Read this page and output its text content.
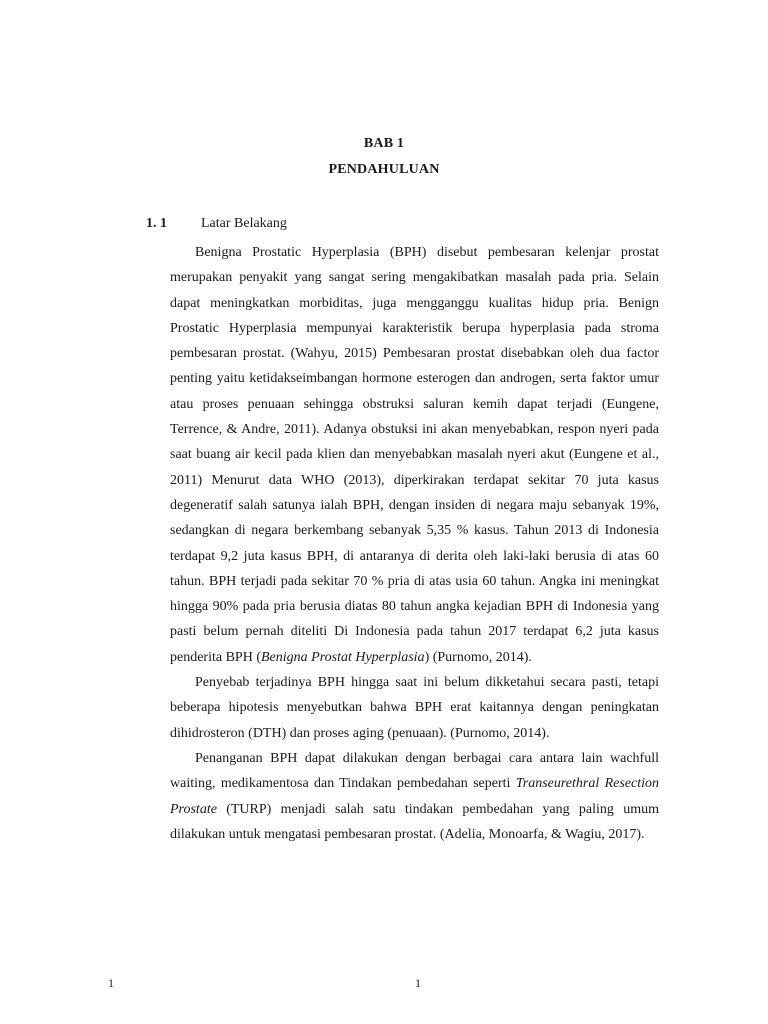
BAB 1
PENDAHULUAN
1. 1 Latar Belakang

Benigna Prostatic Hyperplasia (BPH) disebut pembesaran kelenjar prostat merupakan penyakit yang sangat sering mengakibatkan masalah pada pria. Selain dapat meningkatkan morbiditas, juga mengganggu kualitas hidup pria. Benign Prostatic Hyperplasia mempunyai karakteristik berupa hyperplasia pada stroma pembesaran prostat. (Wahyu, 2015) Pembesaran prostat disebabkan oleh dua factor penting yaitu ketidakseimbangan hormone esterogen dan androgen, serta faktor umur atau proses penuaan sehingga obstruksi saluran kemih dapat terjadi (Eungene, Terrence, & Andre, 2011). Adanya obstuksi ini akan menyebabkan, respon nyeri pada saat buang air kecil pada klien dan menyebabkan masalah nyeri akut (Eungene et al., 2011) Menurut data WHO (2013), diperkirakan terdapat sekitar 70 juta kasus degeneratif salah satunya ialah BPH, dengan insiden di negara maju sebanyak 19%, sedangkan di negara berkembang sebanyak 5,35 % kasus. Tahun 2013 di Indonesia terdapat 9,2 juta kasus BPH, di antaranya di derita oleh laki-laki berusia di atas 60 tahun. BPH terjadi pada sekitar 70 % pria di atas usia 60 tahun. Angka ini meningkat hingga 90% pada pria berusia diatas 80 tahun angka kejadian BPH di Indonesia yang pasti belum pernah diteliti Di Indonesia pada tahun 2017 terdapat 6,2 juta kasus penderita BPH (Benigna Prostat Hyperplasia) (Purnomo, 2014).

Penyebab terjadinya BPH hingga saat ini belum dikketahui secara pasti, tetapi beberapa hipotesis menyebutkan bahwa BPH erat kaitannya dengan peningkatan dihidrosteron (DTH) dan proses aging (penuaan). (Purnomo, 2014).

Penanganan BPH dapat dilakukan dengan berbagai cara antara lain wachfull waiting, medikamentosa dan Tindakan pembedahan seperti Transeurethral Resection Prostate (TURP) menjadi salah satu tindakan pembedahan yang paling umum dilakukan untuk mengatasi pembesaran prostat. (Adelia, Monoarfa, & Wagiu, 2017).

1	1
